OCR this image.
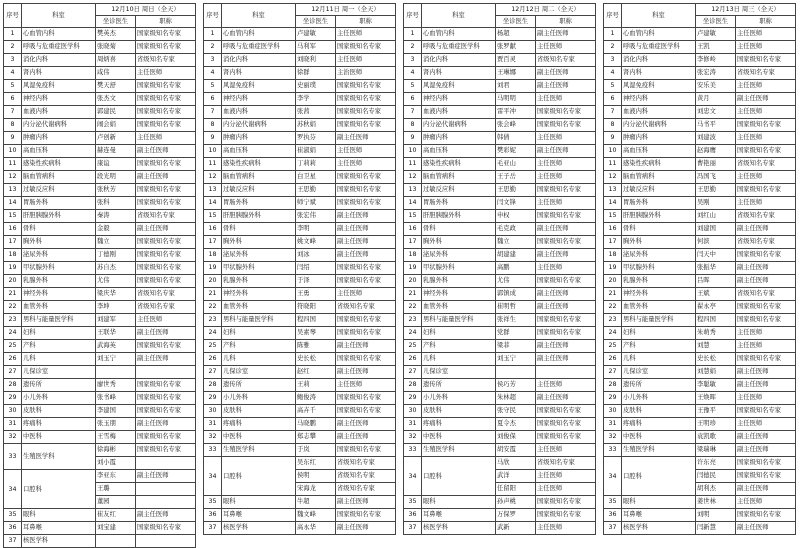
序号	科室	12月10日 周日（全天）	
		坐诊医生	职称
1	心血管内科	樊英杰	国家级知名专家
2	呼吸与危重症医学科	张晓菊	国家级知名专家
3	消化内科	周炳喜	省级知名专家
4	肾内科	咸伟	主任医师
5	风湿免疫科	樊天舒	国家级知名专家
6	神经内科	张杰文	国家级知名专家
7	血液内科	郭建民	国家级知名专家
8	内分泌代谢病科	闹会娟	国家级知名专家
9	肿瘤内科	卢创新	主任医师
10	高血压科	赫连曼	副主任医师
11	感染性疾病科	康谊	国家级知名专家
12	脑血管病科	段光明	副主任医师
13	过敏反应科	张秋芳	国家级知名专家
14	胃肠外科	张科	国家级知名专家
15	肝胆胰腺外科	秦涛	省级知名专家
16	骨科	金毅	副主任医师
17	胸外科	魏立	国家级知名专家
18	泌尿外科	丁德刚	国家级知名专家
19	甲状腺外科	苏自杰	国家级知名专家
20	乳腺外科	尤伟	国家级知名专家
21	神经外科	梁庆华	省级知名专家
22	血管外科	李坤	省级知名专家
23	男科与能量医学科	刘建军	主任医师
24	妇科	王联华	副主任医师
25	产科	武海英	国家级知名专家
26	儿科	刘玉宁	副主任医师
27	儿保诊室		
28	遗传所	廖世秀	国家级知名专家
29	小儿外科	张书峰	国家级知名专家
30	皮肤科	李建国	国家级知名专家
31	疼痛科	张玉朋	副主任医师
32	中医科	王雪梅	国家级知名专家
33	生殖医学科	徐海彬	国家级知名专家
		刘小霞	
34	口腔科	李亚东	副主任医师
		王璐	
		董园	
35	眼科	崔友红	副主任医师
36	耳鼻喉	刘宝建	国家级知名专家
37	核医学科		
序号	科室	12月11日 周一（全天）	
		坐诊医生	职称
1	心血管内科	卢建敏	主任医师
2	呼吸与危重症医学科	马利军	国家级知名专家
3	消化内科	刘晓利	主任医师
4	肾内科	徐群	主治医师
5	风湿免疫科	史丽璞	国家级知名专家
6	神经内科	李学	国家级知名专家
7	血液内科	张茜	国家级知名专家
8	内分泌代谢病科	苏秋娟	国家级知名专家
9	肿瘤内科	罗执芬	副主任医师
10	高血压科	崔淑娟	主任医师
11	感染性疾病科	丁莉莉	主任医师
12	脑血管病科	白卫星	国家级知名专家
13	过敏反应科	王思勤	国家级知名专家
14	胃肠外科	师宁斌	国家级知名专家
15	肝胆胰腺外科	张宏伟	副主任医师
16	骨科	李明	副主任医师
17	胸外科	姚文峰	副主任医师
18	泌尿外科	刘冰	副主任医师
19	甲状腺外科	闫绍	国家级知名专家
20	乳腺外科	于泽	国家级知名专家
21	神经外科	王勇	主任医师
22	血管外科	符晓阳	省级知名专家
23	男科与能量医学科	程四国	国家级知名专家
24	妇科	吴素琴	国家级知名专家
25	产科	陈雅	副主任医师
26	儿科	史长松	国家级知名专家
27	儿保诊室	赵红	副主任医师
28	遗传所	王莉	主任医师
29	小儿外科	鲍俊涛	国家级知名专家
30	皮肤科	高卉千	国家级知名专家
31	疼痛科	马晓鹏	副主任医师
32	中医科	郑志攀	副主任医师
33	生殖医学科	于岚	国家级知名专家
34	口腔科	吴东红	省级知名专家
		侯明	省级知名专家
		宋海龙	省级知名专家
35	眼科	牛超	副主任医师
36	耳鼻喉	魏文峰	国家级知名专家
37	核医学科	高永华	副主任医师
序号	科室	12月12日 周二（全天）	
		坐诊医生	职称
1	心血管内科	杨超	副主任医师
2	呼吸与危重症医学科	张罗献	主任医师
3	消化内科	贾百灵	省级知名专家
4	肾内科	王琳娜	副主任医师
5	风湿免疫科	刘君	副主任医师
6	神经内科	马明明	主任医师
7	血液内科	雷平冲	国家级知名专家
8	内分泌代谢病科	张会峰	国家级知名专家
9	肿瘤内科	韩倩	主任医师
10	高血压科	樊彩妮	副主任医师
11	感染性疾病科	毛亚山	主任医师
12	脑血管病科	王子岳	主任医师
13	过敏反应科	王思勤	国家级知名专家
14	胃肠外科	闫文锋	主任医师
15	肝胆胰腺外科	申权	国家级知名专家
16	骨科	毛克政	副主任医师
17	胸外科	魏立	国家级知名专家
18	泌尿外科	胡建建	副主任医师
19	甲状腺外科	高鹏	主任医师
20	乳腺外科	尤伟	国家级知名专家
21	神经外科	郭镇成	副主任医师
22	血管外科	崔明哲	副主任医师
23	男科与能量医学科	张祥生	国家级知名专家
24	妇科	党群	国家级知名专家
25	产科	梁菲	副主任医师
26	儿科	刘玉宁	副主任医师
27	儿保诊室		
28	遗传所	侯巧芳	主任医师
29	小儿外科	朱林超	副主任医师
30	皮肤科	张守民	国家级知名专家
31	疼痛科	夏令杰	国家级知名专家
32	中医科	刘俊保	国家级知名专家
33	生殖医学科	胡安霞	主任医师
34	口腔科	马欣	省级知名专家
		武洋	主任医师
		任留阳	主任医师
35	眼科	孙声桃	国家级知名专家
36	耳鼻喉	万保罗	国家级知名专家
37	核医学科	武新	主任医师
序号	科室	12月13日 周三（全天）	
		坐诊医生	职称
1	心血管内科	卢建敏	主任医师
2	呼吸与危重症医学科	王凯	主任医师
3	消化内科	李修岭	国家级知名专家
4	肾内科	张宏涛	省级知名专家
5	风湿免疫科	安乐美	主任医师
6	神经内科	黄月	副主任医师
7	血液内科	刘忠文	主任医师
8	内分泌代谢病科	马书平	国家级知名专家
9	肿瘤内科	刘建波	主任医师
10	高血压科	赵海鹰	国家级知名专家
11	感染性疾病科	曹艳丽	省级知名专家
12	脑血管病科	冯国飞	主任医师
13	过敏反应科	王思勤	国家级知名专家
14	胃肠外科	吴刚	主任医师
15	肝胆胰腺外科	刘红山	省级知名专家
16	骨科	刘建国	副主任医师
17	胸外科	何滨	省级知名专家
18	泌尿外科	闫天中	国家级知名专家
19	甲状腺外科	张振华	副主任医师
20	乳腺外科	吕晖	副主任医师
21	神经外科	王斌	省级知名专家
22	血管外科	翟永亭	国家级知名专家
23	男科与能量医学科	程四国	国家级知名专家
24	妇科	朱萌秀	主任医师
25	产科	刘慧	主任医师
26	儿科	史长松	国家级知名专家
27	儿保诊室	刘慧娟	副主任医师
28	遗传所	李聪敏	副主任医师
29	小儿外科	王焕晖	主任医师
30	皮肤科	王豫平	国家级知名专家
31	疼痛科	王明珍	主任医师
32	中医科	袁凯歌	副主任医师
33	生殖医学科	梁瑞琳	副主任医师
34	口腔科	许东亮	国家级知名专家
		闫德民	国家级知名专家
		胡利杰	副主任医师
35	眼科	姜世林	主任医师
36	耳鼻喉	刘明	国家级知名专家
37	核医学科	闫新慧	副主任医师
